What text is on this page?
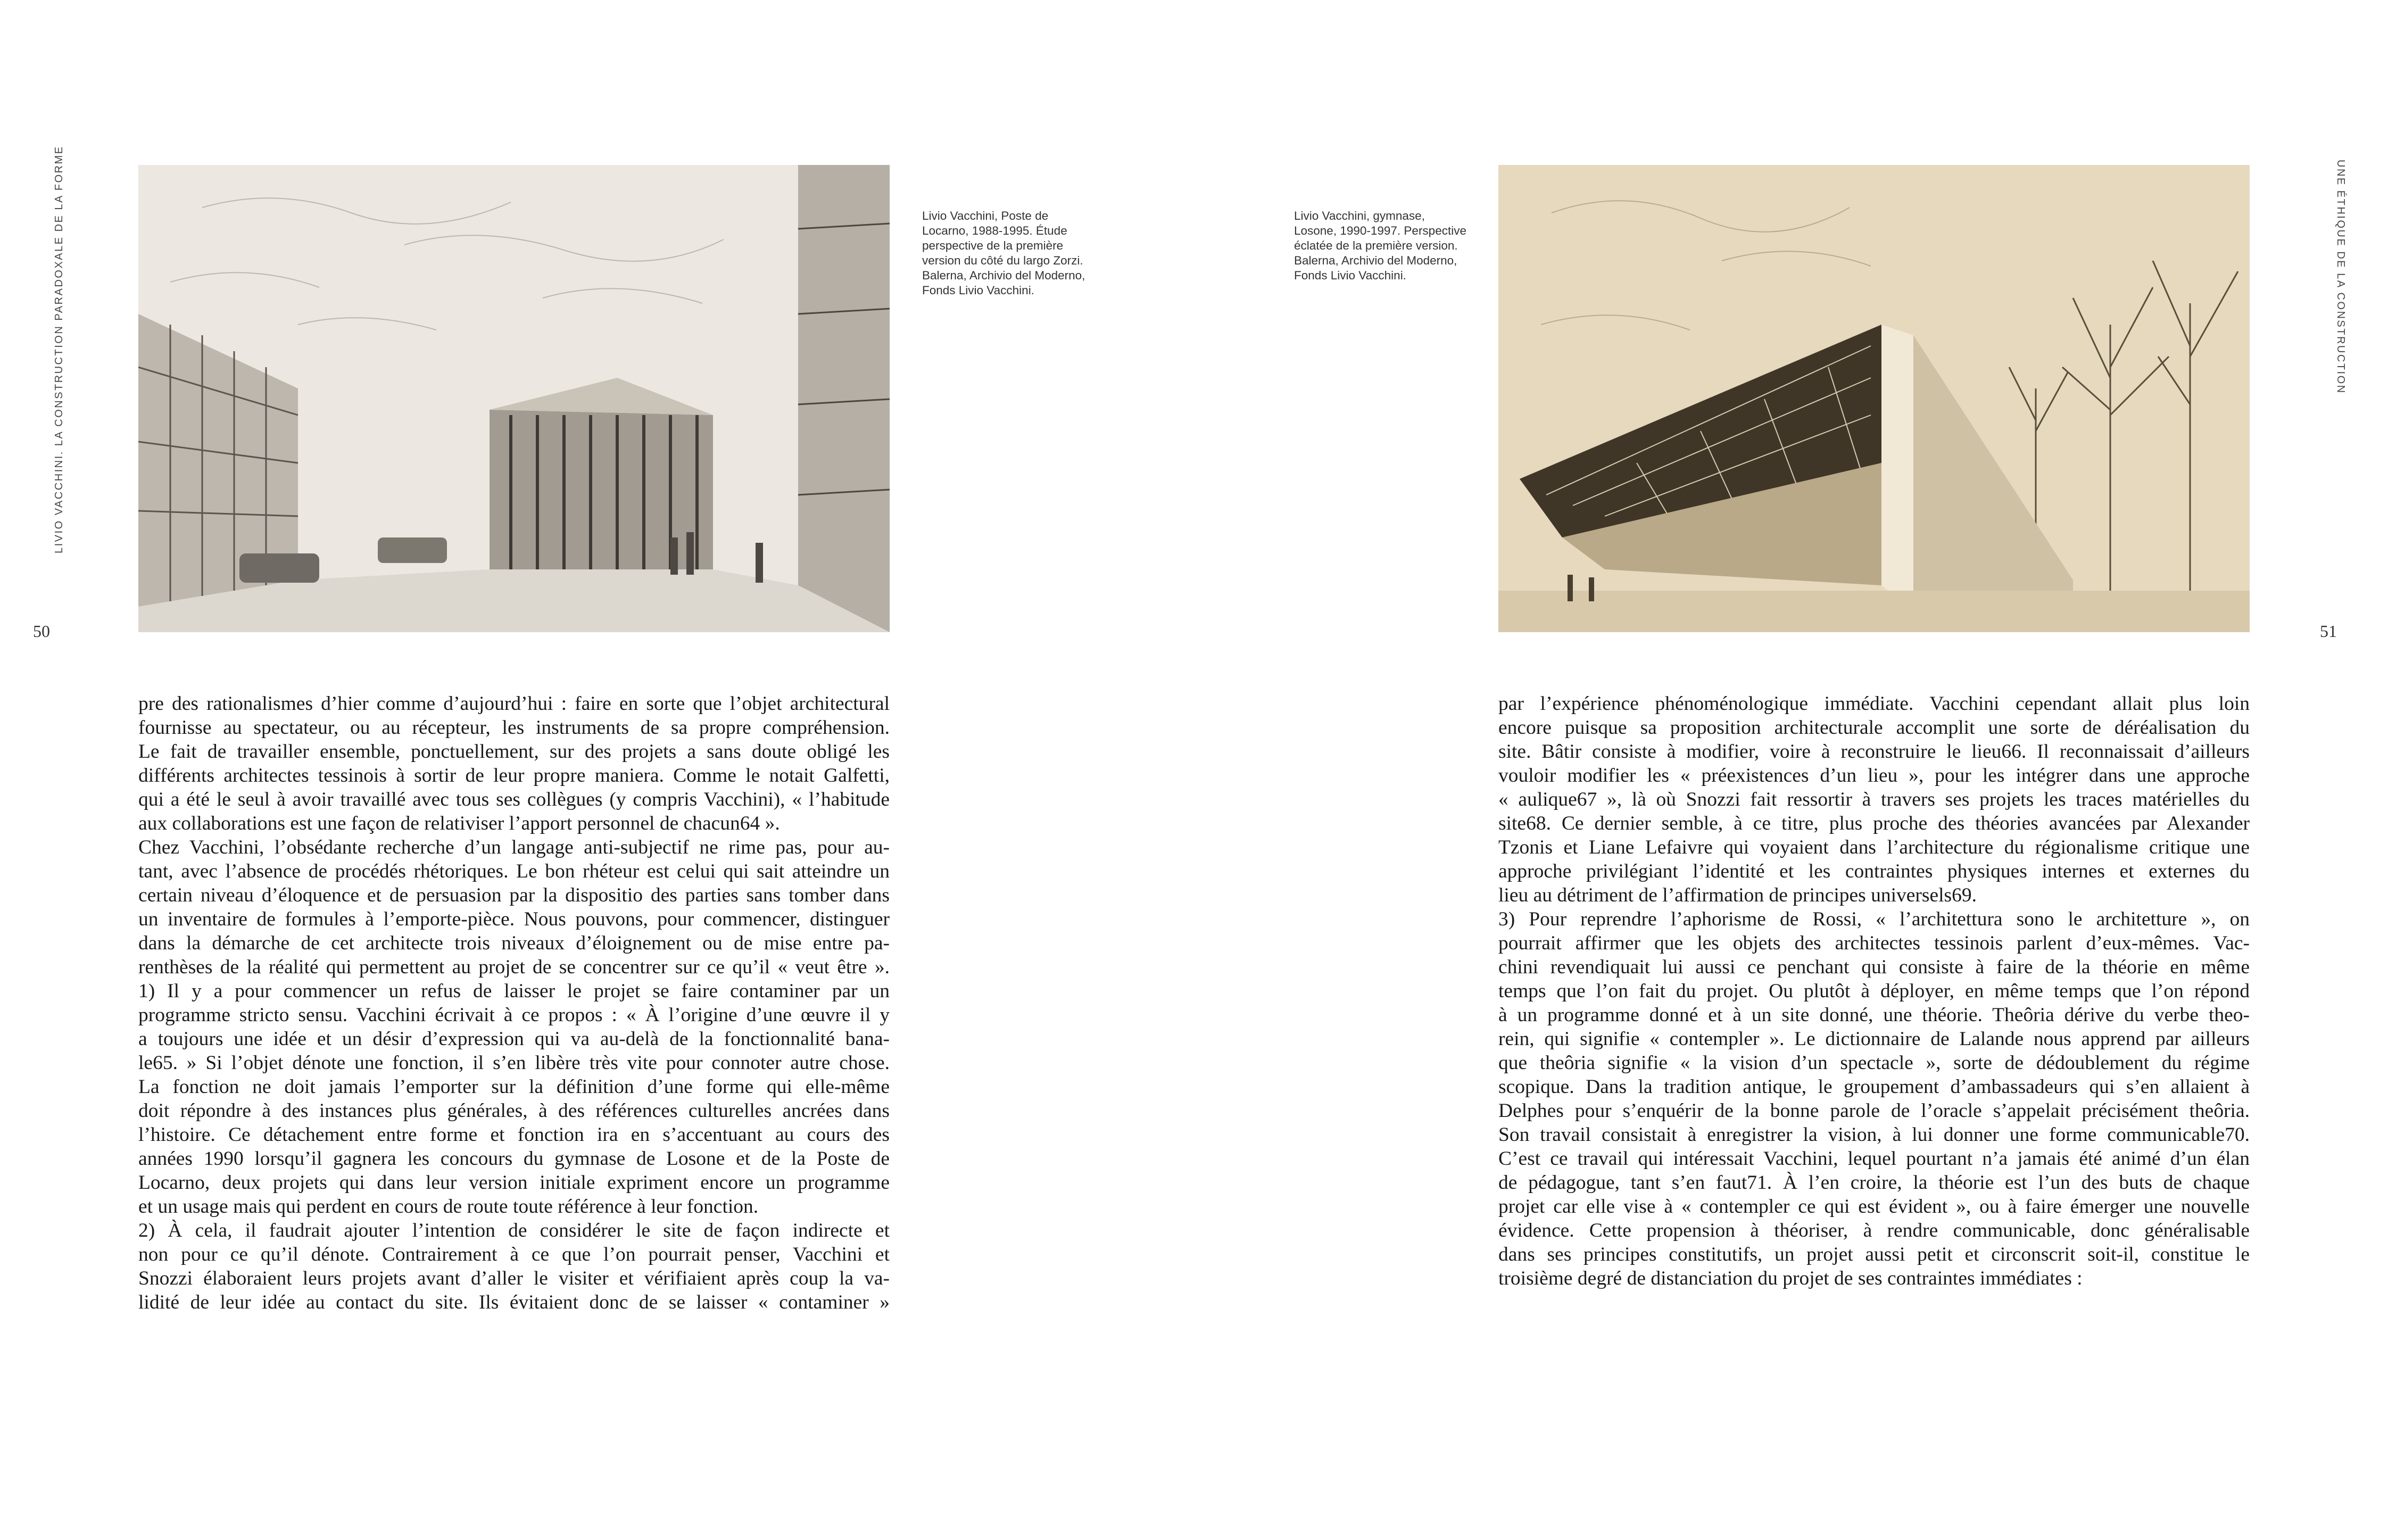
LIVIO VACCHINI. LA CONSTRUCTION PARADOXALE DE LA FORME	UNE ÉTHIQUE DE LA CONSTRUCTION
50	51
Livio Vacchini, Poste de Locarno, 1988-1995. Étude perspective de la première version du côté du largo Zorzi. Balerna, Archivio del Moderno, Fonds Livio Vacchini.
Livio Vacchini, gymnase, Losone, 1990-1997. Perspective éclatée de la première version. Balerna, Archivio del Moderno, Fonds Livio Vacchini.
pre des rationalismes d’hier comme d’aujourd’hui : faire en sorte que l’objet architectural
fournisse au spectateur, ou au récepteur, les instruments de sa propre compréhension.
Le fait de travailler ensemble, ponctuellement, sur des projets a sans doute obligé les
différents architectes tessinois à sortir de leur propre maniera. Comme le notait Galfetti,
qui a été le seul à avoir travaillé avec tous ses collègues (y compris Vacchini), « l’habitude
aux collaborations est une façon de relativiser l’apport personnel de chacun64 ».
Chez Vacchini, l’obsédante recherche d’un langage anti-subjectif ne rime pas, pour au-
tant, avec l’absence de procédés rhétoriques. Le bon rhéteur est celui qui sait atteindre un
certain niveau d’éloquence et de persuasion par la dispositio des parties sans tomber dans
un inventaire de formules à l’emporte-pièce. Nous pouvons, pour commencer, distinguer
dans la démarche de cet architecte trois niveaux d’éloignement ou de mise entre pa-
renthèses de la réalité qui permettent au projet de se concentrer sur ce qu’il « veut être ».
1) Il y a pour commencer un refus de laisser le projet se faire contaminer par un
programme stricto sensu. Vacchini écrivait à ce propos : « À l’origine d’une œuvre il y
a toujours une idée et un désir d’expression qui va au-delà de la fonctionnalité bana-
le65. » Si l’objet dénote une fonction, il s’en libère très vite pour connoter autre chose.
La fonction ne doit jamais l’emporter sur la définition d’une forme qui elle-même
doit répondre à des instances plus générales, à des références culturelles ancrées dans
l’histoire. Ce détachement entre forme et fonction ira en s’accentuant au cours des
années 1990 lorsqu’il gagnera les concours du gymnase de Losone et de la Poste de
Locarno, deux projets qui dans leur version initiale expriment encore un programme
et un usage mais qui perdent en cours de route toute référence à leur fonction.
2) À cela, il faudrait ajouter l’intention de considérer le site de façon indirecte et
non pour ce qu’il dénote. Contrairement à ce que l’on pourrait penser, Vacchini et
Snozzi élaboraient leurs projets avant d’aller le visiter et vérifiaient après coup la va-
lidité de leur idée au contact du site. Ils évitaient donc de se laisser « contaminer »
par l’expérience phénoménologique immédiate. Vacchini cependant allait plus loin
encore puisque sa proposition architecturale accomplit une sorte de déréalisation du
site. Bâtir consiste à modifier, voire à reconstruire le lieu66. Il reconnaissait d’ailleurs
vouloir modifier les « préexistences d’un lieu », pour les intégrer dans une approche
« aulique67 », là où Snozzi fait ressortir à travers ses projets les traces matérielles du
site68. Ce dernier semble, à ce titre, plus proche des théories avancées par Alexander
Tzonis et Liane Lefaivre qui voyaient dans l’architecture du régionalisme critique une
approche privilégiant l’identité et les contraintes physiques internes et externes du
lieu au détriment de l’affirmation de principes universels69.
3) Pour reprendre l’aphorisme de Rossi, « l’architettura sono le architetture », on
pourrait affirmer que les objets des architectes tessinois parlent d’eux-mêmes. Vac-
chini revendiquait lui aussi ce penchant qui consiste à faire de la théorie en même
temps que l’on fait du projet. Ou plutôt à déployer, en même temps que l’on répond
à un programme donné et à un site donné, une théorie. Theôria dérive du verbe theo-
rein, qui signifie « contempler ». Le dictionnaire de Lalande nous apprend par ailleurs
que theôria signifie « la vision d’un spectacle », sorte de dédoublement du régime
scopique. Dans la tradition antique, le groupement d’ambassadeurs qui s’en allaient à
Delphes pour s’enquérir de la bonne parole de l’oracle s’appelait précisément theôria.
Son travail consistait à enregistrer la vision, à lui donner une forme communicable70.
C’est ce travail qui intéressait Vacchini, lequel pourtant n’a jamais été animé d’un élan
de pédagogue, tant s’en faut71. À l’en croire, la théorie est l’un des buts de chaque
projet car elle vise à « contempler ce qui est évident », ou à faire émerger une nouvelle
évidence. Cette propension à théoriser, à rendre communicable, donc généralisable
dans ses principes constitutifs, un projet aussi petit et circonscrit soit-il, constitue le
troisième degré de distanciation du projet de ses contraintes immédiates :
